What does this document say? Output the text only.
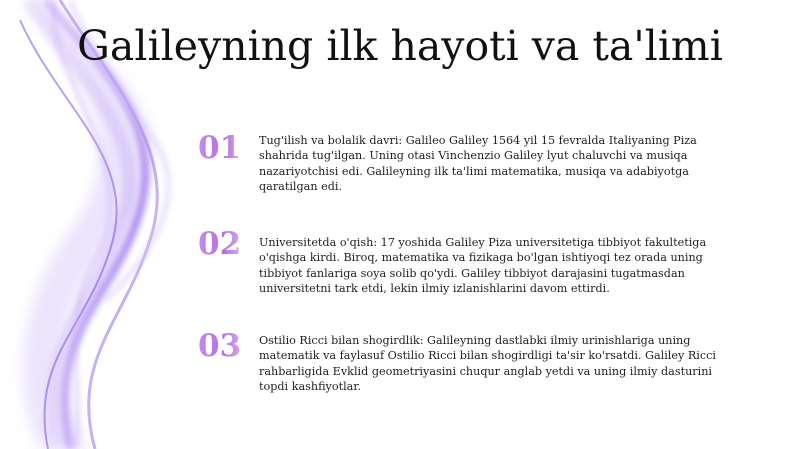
Galileyning ilk hayoti va ta'limi
01 Tug'ilish va bolalik davri: Galileo Galiley 1564 yil 15 fevralda Italiyaning Piza shahrida tug'ilgan. Uning otasi Vinchenzio Galiley lyut chaluvchi va musiqa nazariyotchisi edi. Galileyning ilk ta'limi matematika, musiqa va adabiyotga qaratilgan edi.
02 Universitetda o'qish: 17 yoshida Galiley Piza universitetiga tibbiyot fakultetiga o'qishga kirdi. Biroq, matematika va fizikaga bo'lgan ishtiyoqi tez orada uning tibbiyot fanlariga soya solib qo'ydi. Galiley tibbiyot darajasini tugatmasdan universitetni tark etdi, lekin ilmiy izlanishlarini davom ettirdi.
03 Ostilio Ricci bilan shogirdlik: Galileyning dastlabki ilmiy urinishlariga uning matematik va faylasuf Ostilio Ricci bilan shogirdligi ta'sir ko'rsatdi. Galiley Ricci rahbarligida Evklid geometriyasini chuqur anglab yetdi va uning ilmiy dasturini topdi kashfiyotlar.
